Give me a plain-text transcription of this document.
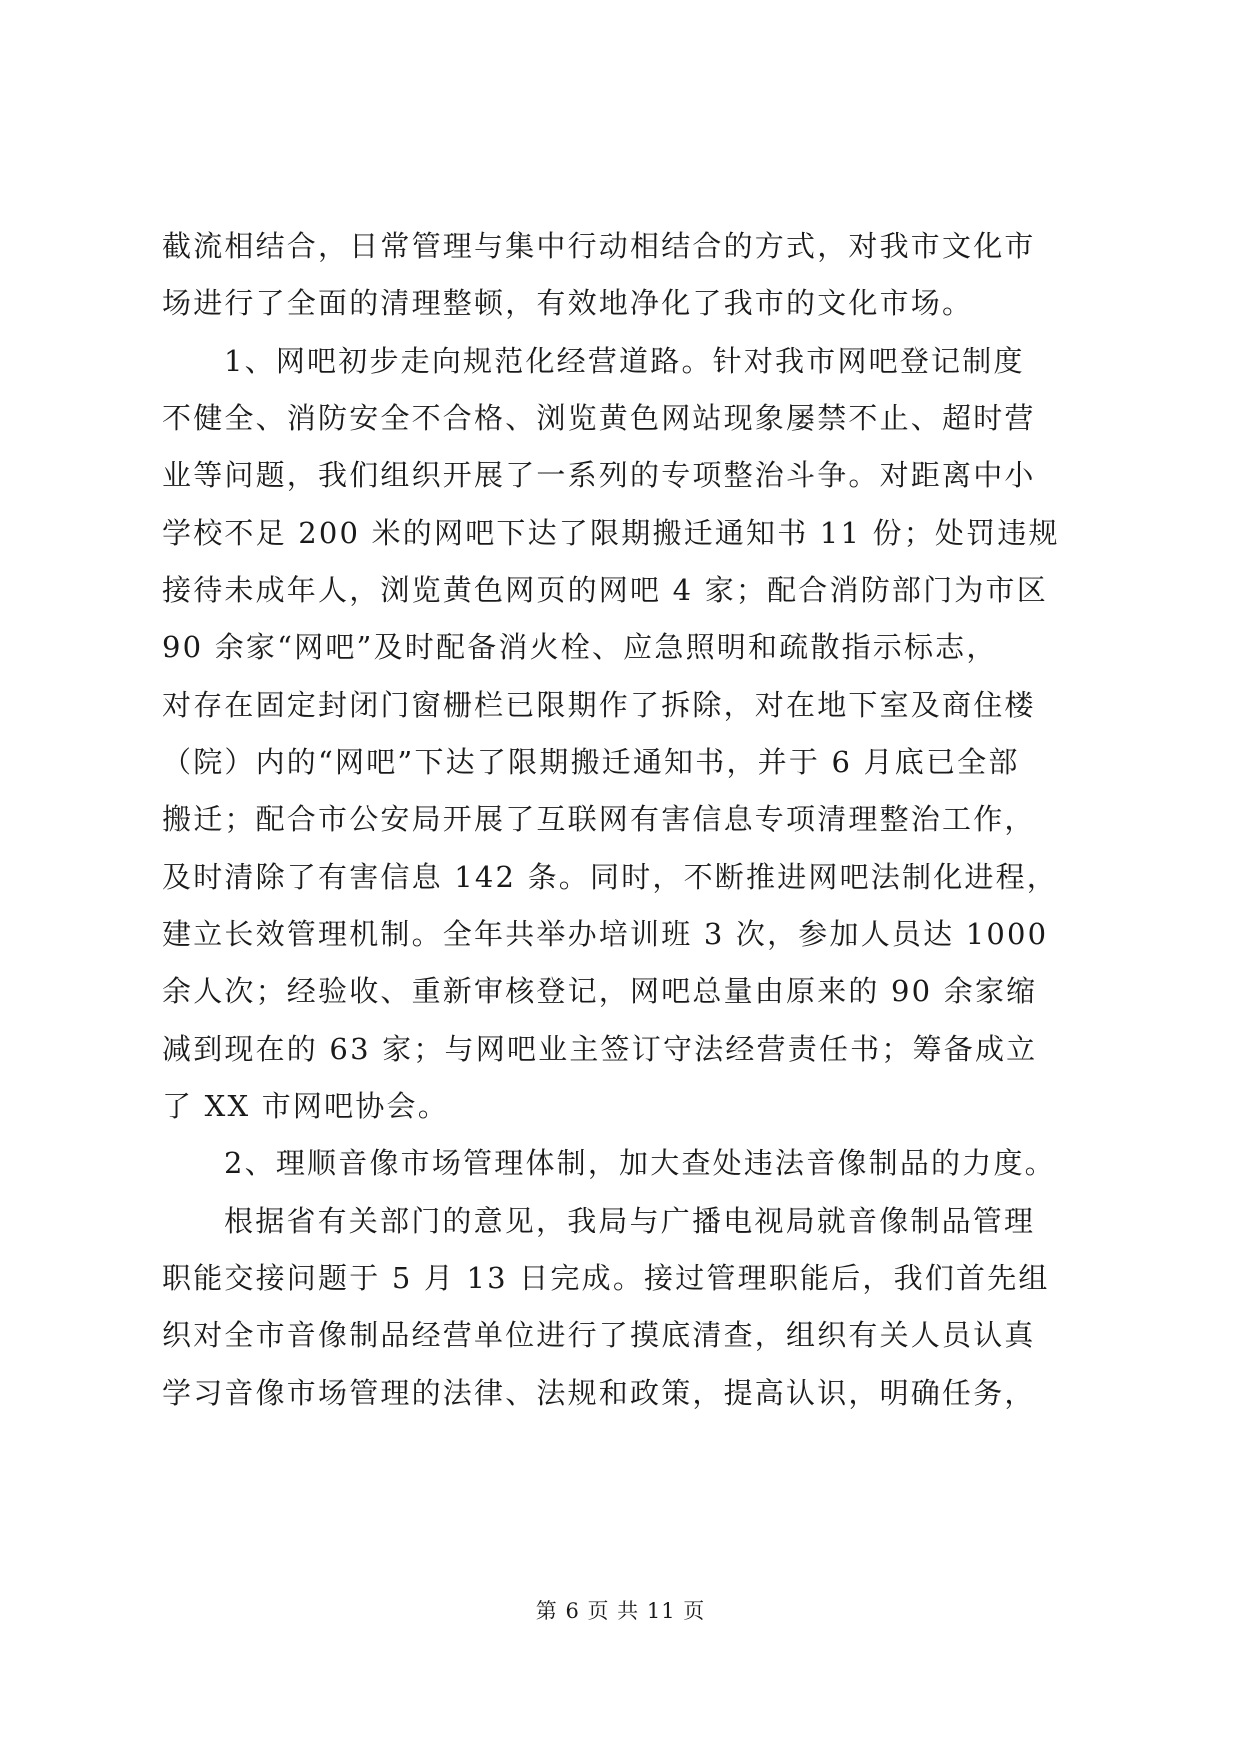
截流相结合，日常管理与集中行动相结合的方式，对我市文化市
场进行了全面的清理整顿，有效地净化了我市的文化市场。
1、网吧初步走向规范化经营道路。针对我市网吧登记制度
不健全、消防安全不合格、浏览黄色网站现象屡禁不止、超时营
业等问题，我们组织开展了一系列的专项整治斗争。对距离中小
学校不足 200 米的网吧下达了限期搬迁通知书 11 份；处罚违规
接待未成年人，浏览黄色网页的网吧 4 家；配合消防部门为市区
90 余家“网吧”及时配备消火栓、应急照明和疏散指示标志，
对存在固定封闭门窗栅栏已限期作了拆除，对在地下室及商住楼
（院）内的“网吧”下达了限期搬迁通知书，并于 6 月底已全部
搬迁；配合市公安局开展了互联网有害信息专项清理整治工作，
及时清除了有害信息 142 条。同时，不断推进网吧法制化进程，
建立长效管理机制。全年共举办培训班 3 次，参加人员达 1000
余人次；经验收、重新审核登记，网吧总量由原来的 90 余家缩
减到现在的 63 家；与网吧业主签订守法经营责任书；筹备成立
了 XX 市网吧协会。
2、理顺音像市场管理体制，加大查处违法音像制品的力度。
根据省有关部门的意见，我局与广播电视局就音像制品管理
职能交接问题于 5 月 13 日完成。接过管理职能后，我们首先组
织对全市音像制品经营单位进行了摸底清查，组织有关人员认真
学习音像市场管理的法律、法规和政策，提高认识，明确任务，
第 6 页 共 11 页
